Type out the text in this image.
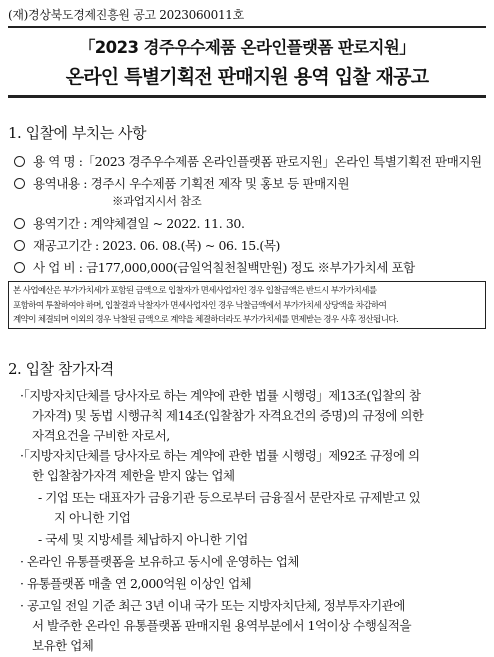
(재)경상북도경제진흥원 공고 2023060011호
「2023 경주우수제품 온라인플랫폼 판로지원」
온라인 특별기획전 판매지원 용역 입찰 재공고
1. 입찰에 부치는 사항
용 역 명 :「2023 경주우수제품 온라인플랫폼 판로지원」온라인 특별기획전 판매지원
용역내용 : 경주시 우수제품 기획전 제작 및 홍보 등 판매지원
※과업지시서 참조
용역기간 : 계약체결일 ~ 2022. 11. 30.
재공고기간 : 2023. 06. 08.(목) ~ 06. 15.(목)
사 업 비 : 금177,000,000(금일억칠천칠백만원) 정도 ※부가가치세 포함
본 사업예산은 부가가치세가 포함된 금액으로 입찰자가 면세사업자인 경우 입찰금액은 반드시 부가가치세를
포함하여 투찰하여야 하며, 입찰결과 낙찰자가 면세사업자인 경우 낙찰금액에서 부가가치세 상당액을 차감하여
계약이 체결되며 이외의 경우 낙찰된 금액으로 계약을 체결하더라도 부가가치세를 면제받는 경우 사후 정산됩니다.
2. 입찰 참가자격
·「지방자치단체를 당사자로 하는 계약에 관한 법률 시행령」제13조(입찰의 참
가자격) 및 동법 시행규칙 제14조(입찰참가 자격요건의 증명)의 규정에 의한
자격요건을 구비한 자로서,
·「지방자치단체를 당사자로 하는 계약에 관한 법률 시행령」제92조 규정에 의
한 입찰참가자격 제한을 받지 않는 업체
- 기업 또는 대표자가 금융기관 등으로부터 금융질서 문란자로 규제받고 있
지 아니한 기업
- 국세 및 지방세를 체납하지 아니한 기업
· 온라인 유통플랫폼을 보유하고 동시에 운영하는 업체
· 유통플랫폼 매출 연 2,000억원 이상인 업체
· 공고일 전일 기준 최근 3년 이내 국가 또는 지방자치단체, 정부투자기관에
서 발주한 온라인 유통플랫폼 판매지원 용역부분에서 1억이상 수행실적을
보유한 업체
